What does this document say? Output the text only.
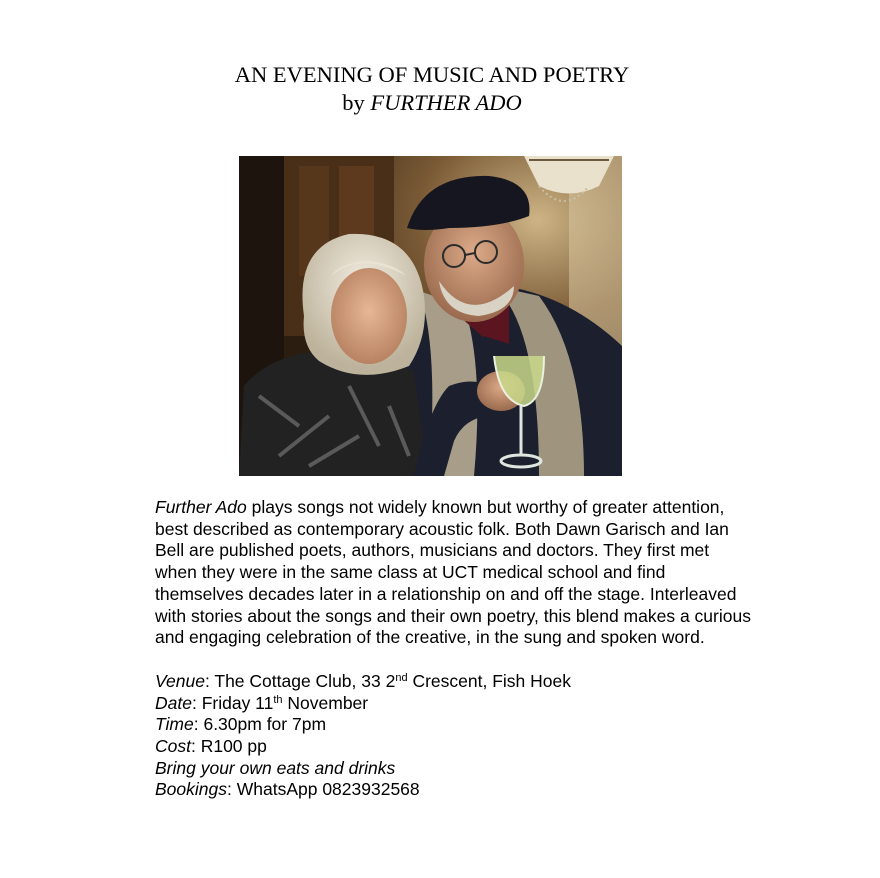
AN EVENING OF MUSIC AND POETRY
by FURTHER ADO

Further Ado plays songs not widely known but worthy of greater attention, best described as contemporary acoustic folk. Both Dawn Garisch and Ian Bell are published poets, authors, musicians and doctors. They first met when they were in the same class at UCT medical school and find themselves decades later in a relationship on and off the stage. Interleaved with stories about the songs and their own poetry, this blend makes a curious and engaging celebration of the creative, in the sung and spoken word.

Venue: The Cottage Club, 33 2nd Crescent, Fish Hoek
Date: Friday 11th November
Time: 6.30pm for 7pm
Cost: R100 pp
Bring your own eats and drinks
Bookings: WhatsApp 0823932568
